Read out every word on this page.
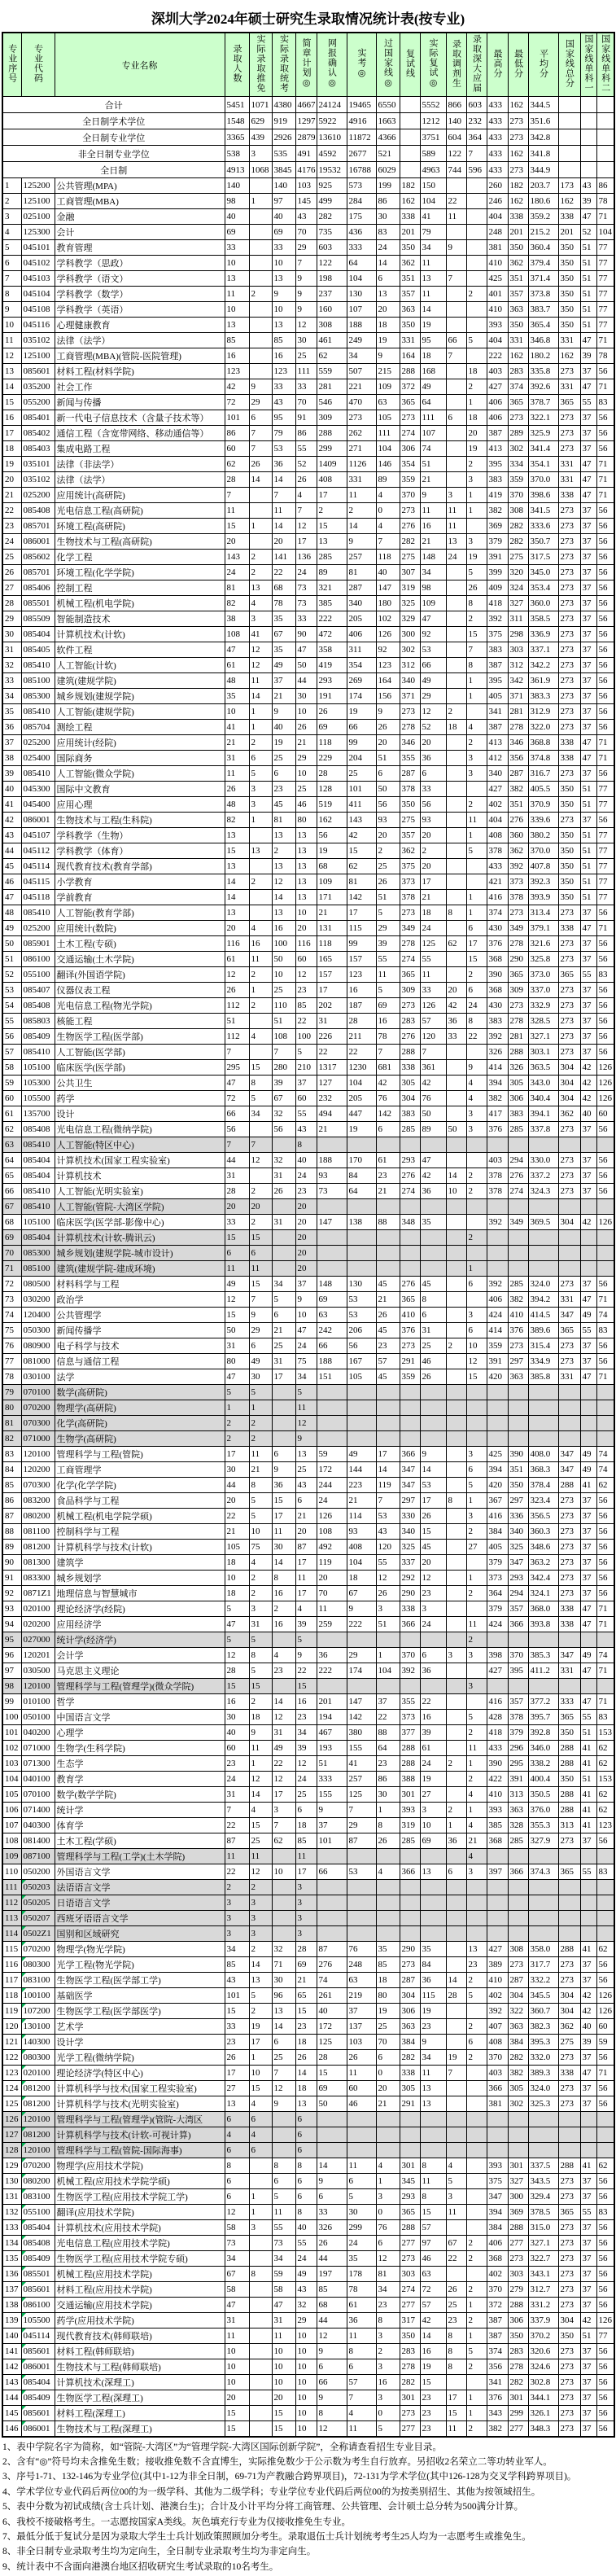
深圳大学2024年硕士研究生录取情况统计表(按专业)
专业序号	专业代码	专业名称	录取人数	实际录取推免	实际录取统考	简章计划◎	网报确认◎	实考◎	过国家线◎	复试线	实际复试◎	录取调剂生	录取深大应届	最高分	最低分	平均分	国家线总分	国家线单科一	国家线单科二
合计			5451	1071	4380	4667	24124	19465	6550		5552	866	603	433	162	344.5			
全日制学术学位			1548	629	919	1297	5922	4916	1663		1212	140	232	433	273	351.6			
全日制专业学位			3365	439	2926	2879	13610	11872	4366		3751	604	364	433	273	342.8			
非全日制专业学位			538	3	535	491	4592	2677	521		589	122	7	433	162	341.8			
全日制			4913	1068	3845	4176	19532	16788	6029		4963	744	596	433	273	344.9			
1	125200	公共管理(MPA)	140		140	103	925	573	199	182	150			260	182	203.7	173	43	86
2	125100	工商管理(MBA)	98	1	97	145	499	284	86	162	104	22		246	162	180.6	162	39	78
3	025100	金融	40		40	43	282	175	30	338	41	11		404	338	359.2	338	47	71
4	125300	会计	69		69	70	735	436	83	201	79			248	201	215.2	201	52	104
5	045101	教育管理	33		33	29	603	333	24	350	34	9		381	350	360.4	350	51	77
6	045102	学科教学（思政）	10		10	7	122	64	14	362	11			410	362	379.4	350	51	77
7	045103	学科教学（语文）	13		13	9	198	104	6	351	13	7		425	351	371.4	350	51	77
8	045104	学科教学（数学）	11	2	9	9	237	130	13	357	11		2	401	357	373.8	350	51	77
9	045108	学科教学（英语）	10		10	9	160	107	20	363	14			410	363	383.7	350	51	77
10	045116	心理健康教育	13		13	12	308	188	18	350	19			393	350	365.4	350	51	77
11	035102	法律（法学）	85		85	30	461	249	19	331	95	66	5	404	331	346.8	331	47	71
12	125100	工商管理(MBA)(管院-医院管理)	16		16	25	62	34	9	164	18	7		222	162	180.2	162	39	78
13	085601	材料工程(材料学院)	123		123	111	559	507	215	288	168		18	403	283	335.8	273	37	56
14	035200	社会工作	42	9	33	33	281	221	109	372	49		2	427	374	392.6	331	47	71
15	055200	新闻与传播	72	29	43	70	546	470	63	365	64		1	406	365	378.7	365	55	83
16	085401	新一代电子信息技术（含量子技术等）	101	6	95	91	309	273	105	273	111	6	18	406	273	322.1	273	37	56
17	085402	通信工程（含宽带网络、移动通信等）	86	7	79	86	288	262	111	274	107		20	387	289	325.9	273	37	56
18	085403	集成电路工程	60	7	53	55	299	271	104	306	74		19	413	302	341.4	273	37	56
19	035101	法律（非法学）	62	26	36	52	1409	1126	146	354	51		2	395	334	354.1	331	47	71
20	035102	法律（法学）	28	14	14	26	408	331	89	359	21		3	383	359	370.0	331	47	71
21	025200	应用统计(高研院)	7		7	4	17	11	4	370	9	3	1	419	370	398.6	338	47	71
22	085408	光电信息工程(高研院)	11		11	7	2	2	0	273	11	11	1	382	308	341.5	273	37	56
23	085701	环境工程(高研院)	15	1	14	12	15	14	4	276	16	11		369	282	333.6	273	37	56
24	086001	生物技术与工程(高研院)	20		20	17	13	9	7	282	21	13	3	379	282	350.7	273	37	56
25	085602	化学工程	143	2	141	136	285	257	118	275	148	24	19	391	275	317.5	273	37	56
26	085701	环境工程(化学学院)	24	2	22	24	89	81	40	307	34		5	399	320	345.0	273	37	56
27	085406	控制工程	81	13	68	73	321	287	147	319	98		26	409	324	353.4	273	37	56
28	085501	机械工程(机电学院)	82	4	78	73	385	340	180	325	109		8	418	327	360.0	273	37	56
29	085509	智能制造技术	38	3	35	33	222	205	102	329	47		2	392	311	358.5	273	37	56
30	085404	计算机技术(计软)	108	41	67	90	472	406	126	300	92		15	375	298	336.9	273	37	56
31	085405	软件工程	47	12	35	47	358	311	92	302	53		7	383	303	337.1	273	37	56
32	085410	人工智能(计软)	61	12	49	50	419	354	123	312	66		8	387	312	342.2	273	37	56
33	085100	建筑(建规学院)	48	11	37	44	293	269	164	340	49		1	395	342	361.9	273	37	56
34	085300	城乡规划(建规学院)	35	14	21	30	191	174	156	371	29		1	405	371	383.3	273	37	56
35	085410	人工智能(建规学院)	10	1	9	10	26	19	9	273	12	2		341	281	312.9	273	37	56
36	085704	测绘工程	41	1	40	26	69	66	26	278	52	18	4	387	278	322.0	273	37	56
37	025200	应用统计(经院)	21	2	19	21	118	99	20	346	20		2	413	346	368.8	338	47	71
38	025400	国际商务	31	6	25	29	229	204	51	355	36		3	412	356	374.8	338	47	71
39	085410	人工智能(微众学院)	11	5	6	10	28	25	6	287	6		3	340	287	316.7	273	37	56
40	045300	国际中文教育	26	3	23	25	128	101	50	378	33			427	382	405.5	350	51	77
41	045400	应用心理	48	3	45	46	519	411	56	350	56		2	402	351	370.9	350	51	77
42	086001	生物技术与工程(生科院)	82	1	81	80	162	143	93	275	93		11	404	276	339.6	273	37	56
43	045107	学科教学（生物）	13		13	13	56	42	20	357	20		1	408	360	380.2	350	51	77
44	045112	学科教学（体育）	15	13	2	13	19	15	2	362	2		5	378	362	370.0	350	51	77
45	045114	现代教育技术(教育学部)	13		13	13	68	62	25	375	20			433	392	407.8	350	51	77
46	045115	小学教育	14	2	12	13	109	81	26	373	17			421	373	392.3	350	51	77
47	045118	学前教育	14		14	13	171	142	51	378	21		1	416	378	393.9	350	51	77
48	085410	人工智能(教育学部)	13		13	10	21	17	5	273	18	8	1	374	273	313.4	273	37	56
49	025200	应用统计(数院)	20	4	16	20	131	115	29	349	24		6	430	349	379.1	338	47	71
50	085901	土木工程(专硕)	116	16	100	116	118	99	39	278	125	62	17	376	278	321.6	273	37	56
51	086100	交通运输(土木学院)	61	11	50	60	165	157	55	274	55		15	368	290	325.8	273	37	56
52	055100	翻译(外国语学院)	12	2	10	12	157	123	11	365	11		2	390	365	373.0	365	55	83
53	085407	仪器仪表工程	26	1	25	23	17	16	5	309	33	20	6	368	309	337.0	273	37	56
54	085408	光电信息工程(物光学院)	112	2	110	85	202	187	69	273	126	42	24	430	273	332.9	273	37	56
55	085803	核能工程	51		51	22	31	28	16	283	57	36	8	383	278	328.5	273	37	56
56	085409	生物医学工程(医学部)	112	4	108	100	226	211	78	276	120	33	22	392	281	327.1	273	37	56
57	085410	人工智能(医学部)	7		7	5	22	22	7	288	7			326	288	303.1	273	37	56
58	105100	临床医学(医学部)	295	15	280	210	1317	1230	681	338	361		9	414	326	363.5	304	42	126
59	105300	公共卫生	47	8	39	37	127	104	42	305	42		4	394	305	343.0	304	42	126
60	105500	药学	72	5	67	60	232	205	76	304	76		4	382	306	340.4	304	42	126
61	135700	设计	66	34	32	55	494	447	142	383	50		3	417	383	394.1	362	40	60
62	085408	光电信息工程(微纳学院)	56		56	43	21	19	6	285	89	50	3	376	285	337.8	273	37	56
63	085410	人工智能(特区中心)	7	7		8													
64	085404	计算机技术(国家工程实验室)	44	12	32	40	188	170	61	293	47			403	294	330.0	273	37	56
65	085404	计算机技术	31		31	24	93	84	23	276	42	14	2	378	276	337.2	273	37	56
66	085410	人工智能(光明实验室)	28	2	26	23	73	64	21	274	36	10	2	378	274	324.3	273	37	56
67	085410	人工智能(管院-大湾区学院)	20	20		20													
68	105100	临床医学(医学部-影像中心)	33	2	31	20	147	138	88	348	35			392	349	369.5	304	42	126
69	085404	计算机技术(计软-腾讯云)	15	15		20							2						
70	085300	城乡规划(建规学院-城市设计)	6	6		20													
71	085100	建筑(建规学院-建成环境)	11	11		20							1						
72	080500	材料科学与工程	49	15	34	37	148	130	45	276	45		6	392	285	324.0	273	37	56
73	030200	政治学	12	7	5	9	69	53	21	365	8			406	382	394.2	331	47	71
74	120400	公共管理学	15	9	6	10	63	53	26	410	6		3	424	410	414.5	347	49	74
75	050300	新闻传播学	50	29	21	47	242	206	45	376	31		6	414	376	389.6	365	55	83
76	080900	电子科学与技术	31	6	25	24	66	56	23	273	25	2	10	359	273	315.4	273	37	56
77	081000	信息与通信工程	80	49	31	75	188	167	57	291	46		12	391	297	334.9	273	37	56
78	030100	法学	47	30	17	34	151	105	45	359	26		15	420	363	385.8	331	47	71
79	070100	数学(高研院)	5	5		5													
80	070200	物理学(高研院)	1	1		11													
81	070300	化学(高研院)	2	2		12													
82	071000	生物学(高研院)	2	2		9													
83	120100	管理科学与工程(管院)	17	11	6	13	59	49	17	366	9		3	425	390	408.0	347	49	74
84	120200	工商管理学	30	21	9	25	172	144	14	347	14		6	394	351	368.3	347	49	74
85	070300	化学(化学学院)	44	8	36	43	244	223	119	347	53		5	420	350	378.4	288	41	62
86	083200	食品科学与工程	20	5	15	6	24	21	7	297	17	8	1	367	297	323.4	273	37	56
87	080200	机械工程(机电学院学硕)	22	5	17	21	126	114	53	330	26		3	416	336	356.5	273	37	56
88	081100	控制科学与工程	21	10	11	20	108	93	43	340	15		2	384	340	360.3	273	37	56
89	081200	计算机科学与技术(计软)	105	75	30	87	492	408	120	325	45		27	405	325	348.6	273	37	56
90	081300	建筑学	18	4	14	17	119	104	55	337	20			379	347	363.2	273	37	56
91	083300	城乡规划学	10	2	8	11	20	18	12	292	12		1	373	293	342.4	273	37	56
92	0871Z1	地理信息与智慧城市	18	2	16	17	70	67	26	290	23		2	364	294	324.1	273	37	56
93	020100	理论经济学(经院)	5	3	2	4	11	9	3	338	3			379	357	368.0	338	47	71
94	020200	应用经济学	47	31	16	39	259	222	51	366	24		11	424	366	393.8	338	47	71
95	027000	统计学(经济学)	5	5		5							2						
96	120201	会计学	12	8	4	9	36	29	1	370	6	3	3	398	370	385.3	347	49	74
97	030500	马克思主义理论	28	5	23	22	222	174	104	392	36			427	395	411.2	331	47	71
98	120100	管理科学与工程(管理学)(微众学院)	15	15		15							3						
99	010100	哲学	16	2	14	16	201	147	37	355	22			416	357	377.2	333	47	71
100	050100	中国语言文学	30	18	12	23	194	142	22	373	16		5	428	378	395.7	365	55	83
101	040200	心理学	40	9	31	34	467	380	88	377	39		2	418	379	392.8	350	51	153
102	071000	生物学(生科学院)	60	11	49	39	193	155	64	288	61		11	433	296	346.0	288	41	62
103	071300	生态学	23	1	22	12	51	41	23	288	24	2	1	390	295	338.2	288	41	62
104	040100	教育学	24	12	12	24	333	257	86	388	19		2	422	391	400.4	350	51	153
105	070100	数学(数学学院)	31	14	17	25	155	125	30	301	27		4	410	313	350.5	288	41	62
106	071400	统计学	7	4	3	6	9	7	1	393	3	2	1	393	363	376.0	288	41	62
107	040300	体育学	22	15	7	18	37	29	8	319	10	1	4	385	328	355.3	313	41	123
108	081400	土木工程(学硕)	87	25	62	85	101	87	26	285	69	36	21	368	285	327.9	273	37	56
109	087100	管理科学与工程(工学)(土木学院)	11	11		11							4						
110	050200	外国语言文学	22	12	10	17	66	53	4	366	13	6	3	397	366	374.3	365	55	83
111	050203	法语语言文学	2	2		3													
112	050205	日语语言文学	3	3		3													
113	050207	西班牙语语言文学	3	3		3													
114	0502Z1	国别和区域研究	3	3		3													
115	070200	物理学(物光学院)	34	2	32	28	87	76	35	290	35		13	427	308	358.0	288	41	62
116	080300	光学工程(物光学院)	85	14	71	69	276	248	85	273	84		23	389	273	317.7	273	37	56
117	083100	生物医学工程(医学部工学)	43	13	30	21	74	63	18	287	36	14	2	410	287	332.2	273	37	56
118	100100	基础医学	101	5	96	65	261	219	80	304	115	28	5	402	304	345.5	304	42	126
119	107200	生物医学工程(医学部医学)	15	2	13	15	40	37	19	306	19			392	322	360.7	304	42	126
120	130100	艺术学	33	19	14	23	172	137	25	363	23		2	407	363	382.3	362	40	60
121	140300	设计学	23	17	6	18	125	103	70	384	9		6	408	384	395.3	275	39	59
122	080300	光学工程(微纳学院)	26	1	25	26	28	26	6	282	34	19	2	370	282	332.0	273	37	56
123	020100	理论经济学(特区中心)	17	10	7	14	15	11	0	338	11	7		403	382	389.3	338	47	71
124	081200	计算机科学与技术(国家工程实验室)	27	15	12	18	69	60	20	305	13			366	305	324.0	273	37	56
125	081200	计算机科学与技术(光明实验室)	13	4	9	13	50	46	21	291	13			381	302	325.3	273	37	56
126	120100	管理科学与工程(管理学)(管院-大湾区	6	6		6													
127	081200	计算机科学与技术(计软-可视计算)	4	4		6													
128	120100	管理科学与工程(管院-国际海事)	6	6		6													
129	070200	物理学(应用技术学院)	8		8	8	14	11	4	301	8	4		393	301	337.5	288	41	62
130	080200	机械工程(应用技术学院学硕)	6		6	6	9	6	1	345	11	5		375	327	343.5	273	37	56
131	083100	生物医学工程(应用技术学院工学)	6	1	5	6	6	5	3	293	8	3		347	300	329.4	273	37	56
132	055100	翻译(应用技术学院)	12	1	11	8	33	30	0	365	15	11		394	369	378.5	365	55	83
133	085404	计算机技术(应用技术学院)	58	3	55	40	326	299	76	288	57			384	288	315.0	273	37	56
134	085408	光电信息工程(应用技术学院)	73		73	55	26	24	6	277	97	67	2	406	277	327.1	273	37	56
135	085409	生物医学工程(应用技术学院专硕)	34		34	24	44	35	12	273	46	22	2	368	273	322.7	273	37	56
136	085501	机械工程(应用技术学院)	67	8	59	49	197	178	81	303	63			402	303	343.1	273	37	56
137	085601	材料工程(应用技术学院)	58		58	43	85	78	34	274	72	26	2	370	279	312.7	273	37	56
138	086100	交通运输(应用技术学院)	47		47	32	68	61	23	277	57	25	1	372	288	331.2	273	37	56
139	105500	药学(应用技术学院)	31		31	29	44	36	8	317	42	23	2	387	306	337.9	304	42	126
140	045114	现代教育技术(韩师联培)	11		11	10	12	11	3	350	14	8	1	387	350	370.2	350	51	77
141	085601	材料工程(韩师联培)	10		10	10	9	8	2	283	16	8	5	374	283	320.6	273	37	56
142	086001	生物技术与工程(韩师联培)	10		10	10	6	6	3	278	19	8	2	356	278	324.6	273	37	56
143	085404	计算机技术(深理工)	10		10	10	66	57	16	282	15			341	282	302.8	273	37	56
144	085409	生物医学工程(深理工)	20		20	10	9	7	3	301	23	17	1	376	301	344.1	273	37	56
145	085601	材料工程(深理工)	15		15	10	8	4	0	273	23	15	1	343	299	326.1	273	37	56
146	086001	生物技术与工程(深理工)	15		15	10	12	11	5	277	23	11	2	382	277	348.3	273	37	56
1、表中学院名字为简称，如“管院-大湾区”为“管理学院-大湾区国际创新学院”，全称请查看招生专业目录。
2、含有“◎”符号均未含推免生数；接收推免数不含直博生，实际推免数少于公示数为考生自行放弃。另招收2名荣立二等功转业军人。
3、序号1-71、132-146为专业学位(其中1-12为非全日制，69-71为产教融合跨界项目)，72-131为学术学位(其中126-128为交叉学科跨界项目)。
4、学术学位专业代码后两位00的为一级学科、其他为二级学科；专业学位专业代码后两位00的为按类别招生、其他为按领域招生。
5、表中分数为初试成绩(含士兵计划、港澳台生)；合计及小计平均分将工商管理、公共管理、会计硕士总分转为500满分计算。
6、我校不接破格考生。一志愿按国家A类线。灰色填充行专业为仅接收推免生专业。
7、最低分低于复试分是因为录取大学生士兵计划政策照顾加分考生。录取退伍士兵计划统考考生25人均为一志愿考生或推免生。
8、非全日制专业录取考生均为定向生，全日制专业录取考生均为非定向生。
9、统计表中不含面向港澳台地区招收研究生考试录取的10名考生。
